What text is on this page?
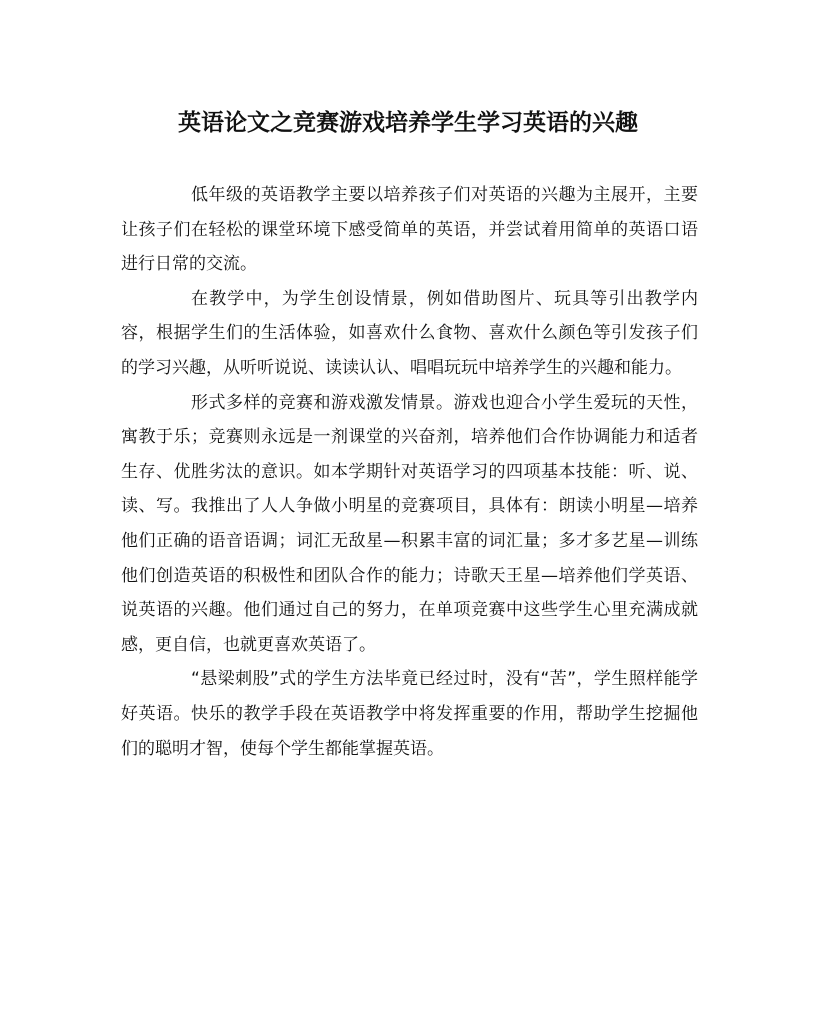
英语论文之竞赛游戏培养学生学习英语的兴趣

低年级的英语教学主要以培养孩子们对英语的兴趣为主展开，主要让孩子们在轻松的课堂环境下感受简单的英语，并尝试着用简单的英语口语进行日常的交流。

在教学中，为学生创设情景，例如借助图片、玩具等引出教学内容，根据学生们的生活体验，如喜欢什么食物、喜欢什么颜色等引发孩子们的学习兴趣，从听听说说、读读认认、唱唱玩玩中培养学生的兴趣和能力。

形式多样的竞赛和游戏激发情景。游戏也迎合小学生爱玩的天性，寓教于乐；竞赛则永远是一剂课堂的兴奋剂，培养他们合作协调能力和适者生存、优胜劣汰的意识。如本学期针对英语学习的四项基本技能：听、说、读、写。我推出了人人争做小明星的竞赛项目，具体有：朗读小明星—培养他们正确的语音语调；词汇无敌星—积累丰富的词汇量；多才多艺星—训练他们创造英语的积极性和团队合作的能力；诗歌天王星—培养他们学英语、说英语的兴趣。他们通过自己的努力，在单项竞赛中这些学生心里充满成就感，更自信，也就更喜欢英语了。

“悬梁刺股”式的学生方法毕竟已经过时，没有“苦”，学生照样能学好英语。快乐的教学手段在英语教学中将发挥重要的作用，帮助学生挖掘他们的聪明才智，使每个学生都能掌握英语。
